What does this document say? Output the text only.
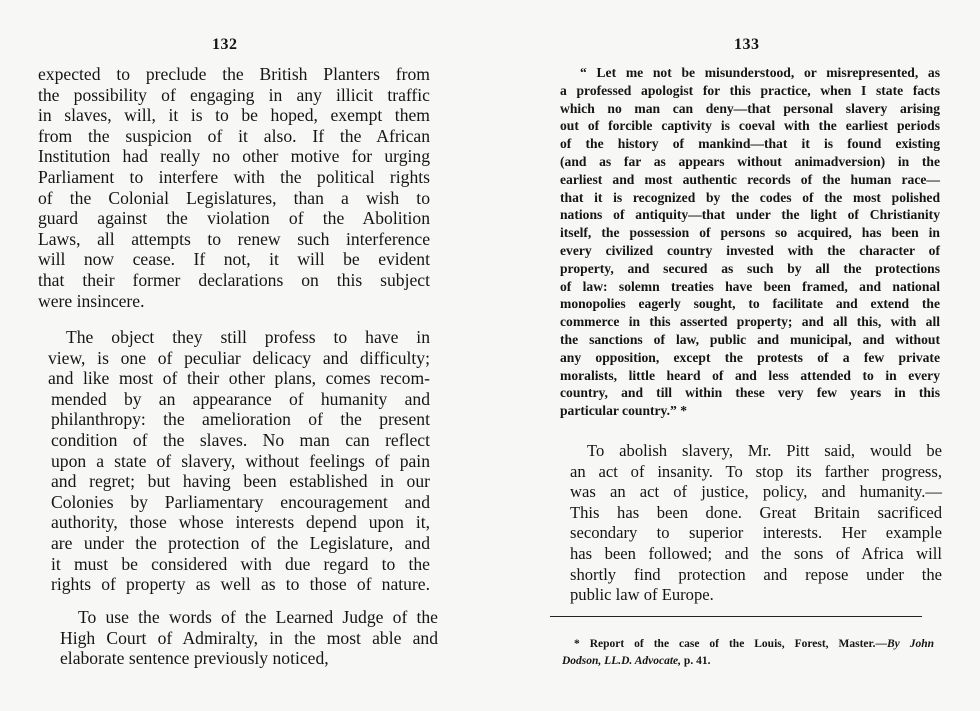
132
expected to preclude the British Planters from
the possibility of engaging in any illicit traffic
in slaves, will, it is to be hoped, exempt them
from the suspicion of it also. If the African
Institution had really no other motive for urging
Parliament to interfere with the political rights
of the Colonial Legislatures, than a wish to
guard against the violation of the Abolition
Laws, all attempts to renew such interference
will now cease. If not, it will be evident
that their former declarations on this subject
were insincere.
The object they still profess to have in
view, is one of peculiar delicacy and difficulty;
and like most of their other plans, comes recom-
mended by an appearance of humanity and
philanthropy: the amelioration of the present
condition of the slaves. No man can reflect
upon a state of slavery, without feelings of pain
and regret; but having been established in our
Colonies by Parliamentary encouragement and
authority, those whose interests depend upon it,
are under the protection of the Legislature, and
it must be considered with due regard to the
rights of property as well as to those of nature.
To use the words of the Learned Judge of the
High Court of Admiralty, in the most able and
elaborate sentence previously noticed,
133
“ Let me not be misunderstood, or misrepresented, as
a professed apologist for this practice, when I state facts
which no man can deny—that personal slavery arising
out of forcible captivity is coeval with the earliest periods
of the history of mankind—that it is found existing
(and as far as appears without animadversion) in the
earliest and most authentic records of the human race—
that it is recognized by the codes of the most polished
nations of antiquity—that under the light of Christianity
itself, the possession of persons so acquired, has been in
every civilized country invested with the character of
property, and secured as such by all the protections
of law: solemn treaties have been framed, and national
monopolies eagerly sought, to facilitate and extend the
commerce in this asserted property; and all this, with all
the sanctions of law, public and municipal, and without
any opposition, except the protests of a few private
moralists, little heard of and less attended to in every
country, and till within these very few years in this
particular country.” *
To abolish slavery, Mr. Pitt said, would be
an act of insanity. To stop its farther progress,
was an act of justice, policy, and humanity.—
This has been done. Great Britain sacrificed
secondary to superior interests. Her example
has been followed; and the sons of Africa will
shortly find protection and repose under the
public law of Europe.
* Report of the case of the Louis, Forest, Master.—By John
Dodson, LL.D. Advocate, p. 41.
